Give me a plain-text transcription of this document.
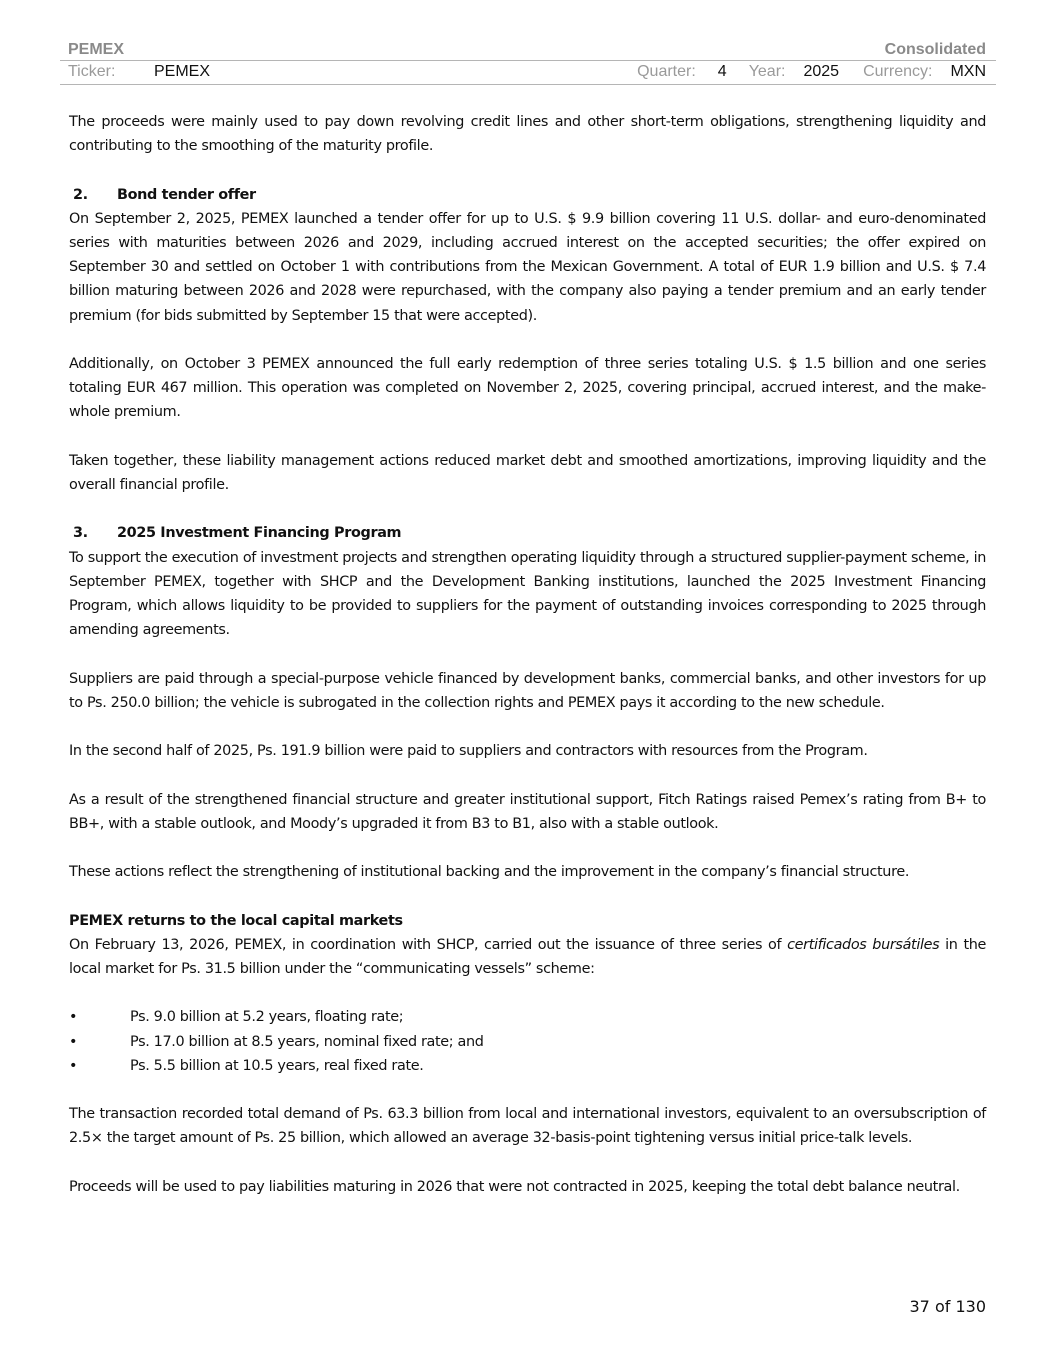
PEMEX	Consolidated
Ticker:	PEMEX	Quarter: 4 Year: 2025 Currency: MXN

The proceeds were mainly used to pay down revolving credit lines and other short-term obligations, strengthening liquidity and contributing to the smoothing of the maturity profile.

2.	Bond tender offer

On September 2, 2025, PEMEX launched a tender offer for up to U.S. $ 9.9 billion covering 11 U.S. dollar- and euro-denominated series with maturities between 2026 and 2029, including accrued interest on the accepted securities; the offer expired on September 30 and settled on October 1 with contributions from the Mexican Government. A total of EUR 1.9 billion and U.S. $ 7.4 billion maturing between 2026 and 2028 were repurchased, with the company also paying a tender premium and an early tender premium (for bids submitted by September 15 that were accepted).

Additionally, on October 3 PEMEX announced the full early redemption of three series totaling U.S. $ 1.5 billion and one series totaling EUR 467 million. This operation was completed on November 2, 2025, covering principal, accrued interest, and the make-whole premium.

Taken together, these liability management actions reduced market debt and smoothed amortizations, improving liquidity and the overall financial profile.

3.	2025 Investment Financing Program

To support the execution of investment projects and strengthen operating liquidity through a structured supplier-payment scheme, in September PEMEX, together with SHCP and the Development Banking institutions, launched the 2025 Investment Financing Program, which allows liquidity to be provided to suppliers for the payment of outstanding invoices corresponding to 2025 through amending agreements.

Suppliers are paid through a special-purpose vehicle financed by development banks, commercial banks, and other investors for up to Ps. 250.0 billion; the vehicle is subrogated in the collection rights and PEMEX pays it according to the new schedule.

In the second half of 2025, Ps. 191.9 billion were paid to suppliers and contractors with resources from the Program.

As a result of the strengthened financial structure and greater institutional support, Fitch Ratings raised Pemex’s rating from B+ to BB+, with a stable outlook, and Moody’s upgraded it from B3 to B1, also with a stable outlook.

These actions reflect the strengthening of institutional backing and the improvement in the company’s financial structure.

PEMEX returns to the local capital markets

On February 13, 2026, PEMEX, in coordination with SHCP, carried out the issuance of three series of certificados bursátiles in the local market for Ps. 31.5 billion under the “communicating vessels” scheme:

•	Ps. 9.0 billion at 5.2 years, floating rate;
•	Ps. 17.0 billion at 8.5 years, nominal fixed rate; and
•	Ps. 5.5 billion at 10.5 years, real fixed rate.

The transaction recorded total demand of Ps. 63.3 billion from local and international investors, equivalent to an oversubscription of 2.5× the target amount of Ps. 25 billion, which allowed an average 32-basis-point tightening versus initial price-talk levels.

Proceeds will be used to pay liabilities maturing in 2026 that were not contracted in 2025, keeping the total debt balance neutral.

37 of 130
